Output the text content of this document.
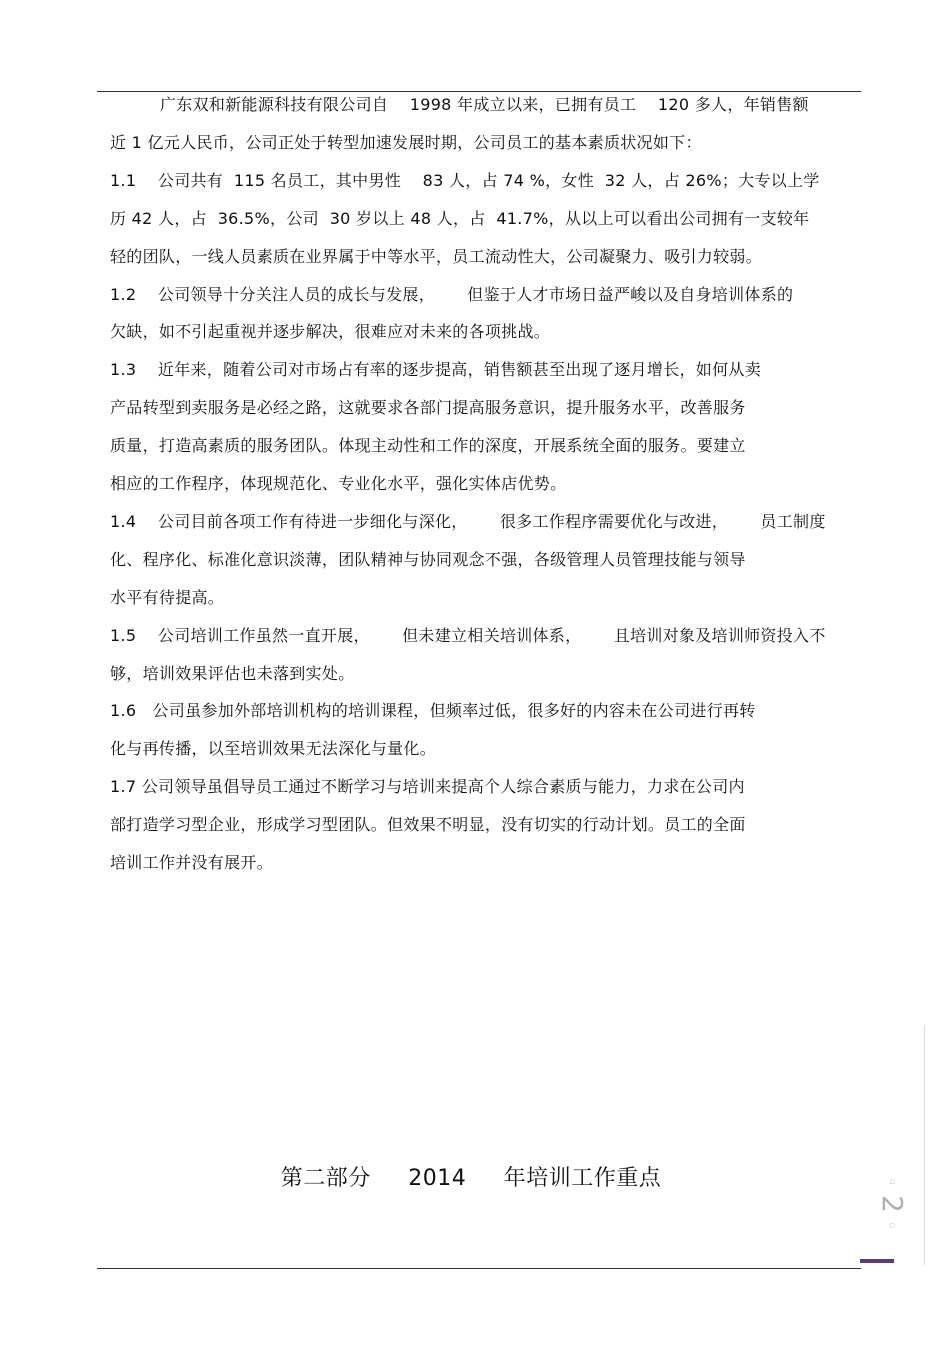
广东双和新能源科技有限公司自    1998 年成立以来，已拥有员工    120 多人，年销售额
近 1 亿元人民币，公司正处于转型加速发展时期，公司员工的基本素质状况如下：
1.1    公司共有  115 名员工，其中男性    83 人，占 74 %，女性  32 人，占 26%；大专以上学
历 42 人，占  36.5%，公司  30 岁以上 48 人，占  41.7%，从以上可以看出公司拥有一支较年
轻的团队，一线人员素质在业界属于中等水平，员工流动性大，公司凝聚力、吸引力较弱。
1.2    公司领导十分关注人员的成长与发展，      但鉴于人才市场日益严峻以及自身培训体系的
欠缺，如不引起重视并逐步解决，很难应对未来的各项挑战。
1.3    近年来，随着公司对市场占有率的逐步提高，销售额甚至出现了逐月增长，如何从卖
产品转型到卖服务是必经之路，这就要求各部门提高服务意识，提升服务水平，改善服务
质量，打造高素质的服务团队。体现主动性和工作的深度，开展系统全面的服务。要建立
相应的工作程序，体现规范化、专业化水平，强化实体店优势。
1.4    公司目前各项工作有待进一步细化与深化，      很多工作程序需要优化与改进，      员工制度
化、程序化、标准化意识淡薄，团队精神与协同观念不强，各级管理人员管理技能与领导
水平有待提高。
1.5    公司培训工作虽然一直开展，      但未建立相关培训体系，      且培训对象及培训师资投入不
够，培训效果评估也未落到实处。
1.6   公司虽参加外部培训机构的培训课程，但频率过低，很多好的内容未在公司进行再转
化与再传播，以至培训效果无法深化与量化。
1.7 公司领导虽倡导员工通过不断学习与培训来提高个人综合素质与能力，力求在公司内
部打造学习型企业，形成学习型团队。但效果不明显，没有切实的行动计划。员工的全面
培训工作并没有展开。
第二部分     2014     年培训工作重点	▫
2
▫
